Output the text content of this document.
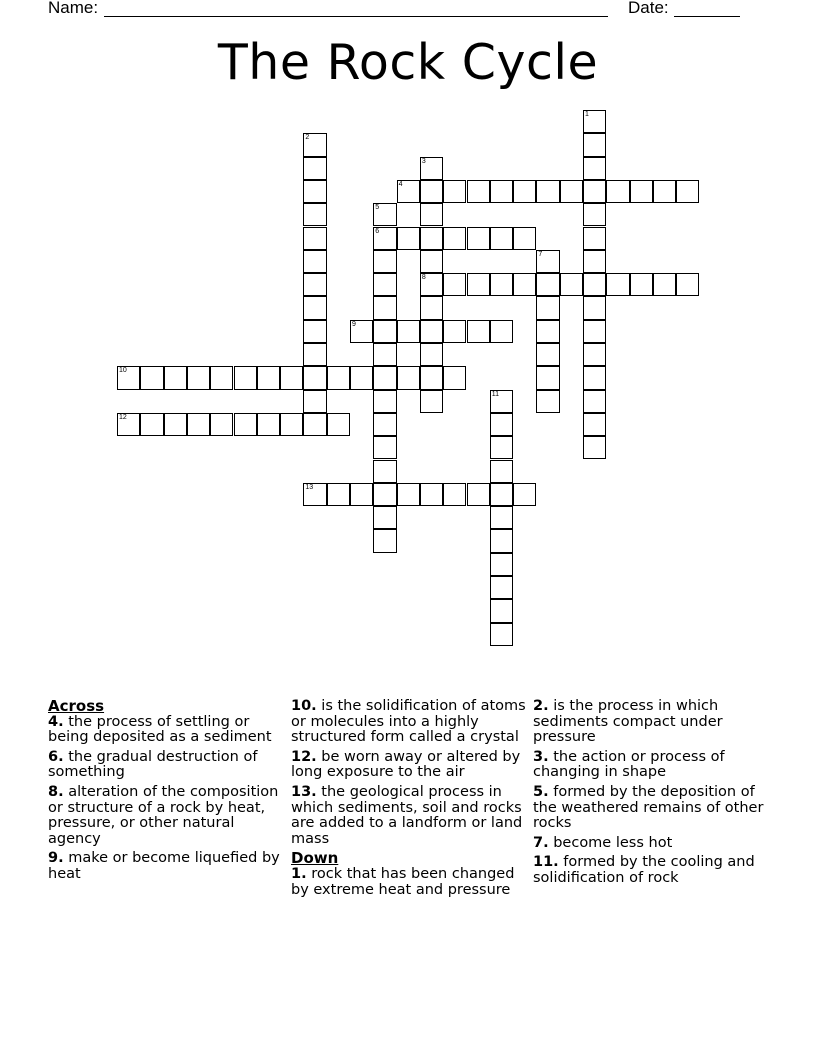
Name:	Date:
The Rock Cycle
1
2
3
8
4
5
6
7
9
10
11
12
13
Across
4. the process of settling or being deposited as a sediment
6. the gradual destruction of something
8. alteration of the composition or structure of a rock by heat, pressure, or other natural agency
9. make or become liquefied by heat
10. is the solidification of atoms or molecules into a highly structured form called a crystal
12. be worn away or altered by long exposure to the air
13. the geological process in which sediments, soil and rocks are added to a landform or land mass
Down
1. rock that has been changed by extreme heat and pressure
2. is the process in which sediments compact under pressure
3. the action or process of changing in shape
5. formed by the deposition of the weathered remains of other rocks
7. become less hot
11. formed by the cooling and solidification of rock
